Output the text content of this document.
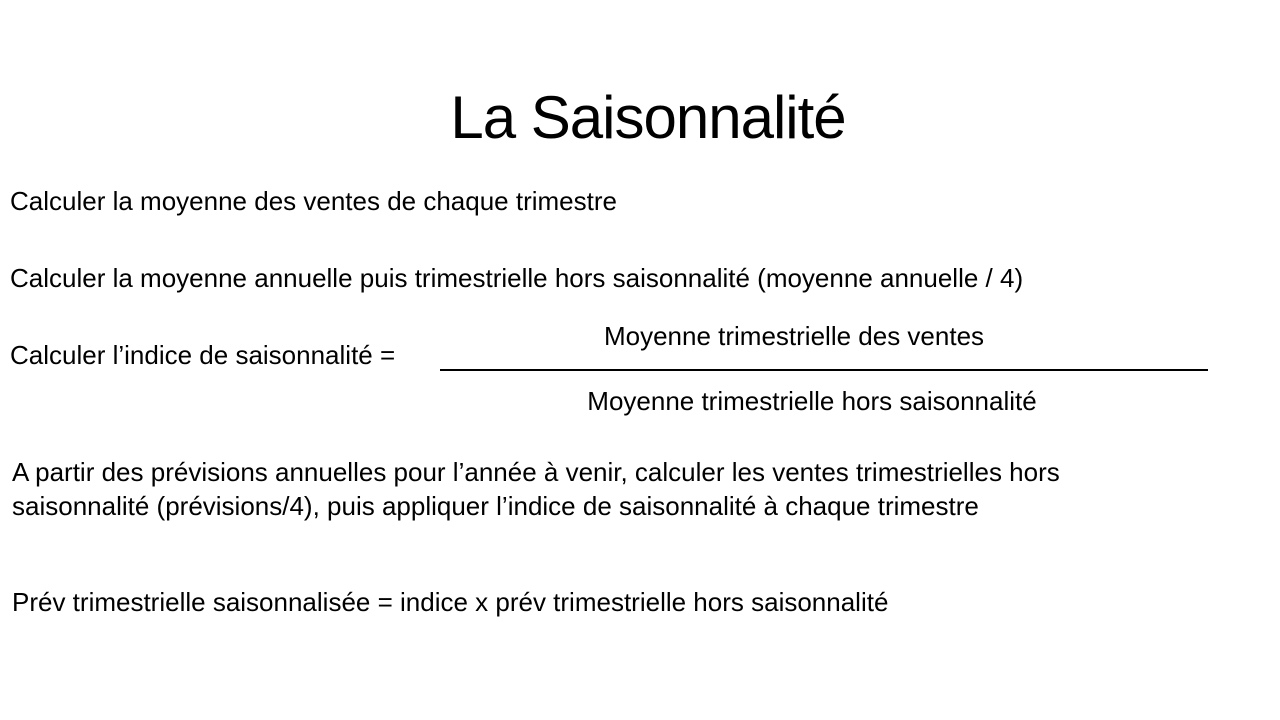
La Saisonnalité
Calculer la moyenne des ventes de chaque trimestre
Calculer la moyenne annuelle puis trimestrielle hors saisonnalité (moyenne annuelle / 4)
Calculer l’indice de saisonnalité =
Moyenne trimestrielle des ventes
Moyenne trimestrielle hors saisonnalité
A partir des prévisions annuelles pour l’année à venir, calculer les ventes trimestrielles hors
saisonnalité (prévisions/4), puis appliquer l’indice de saisonnalité à chaque trimestre
Prév trimestrielle saisonnalisée = indice x prév trimestrielle hors saisonnalité
